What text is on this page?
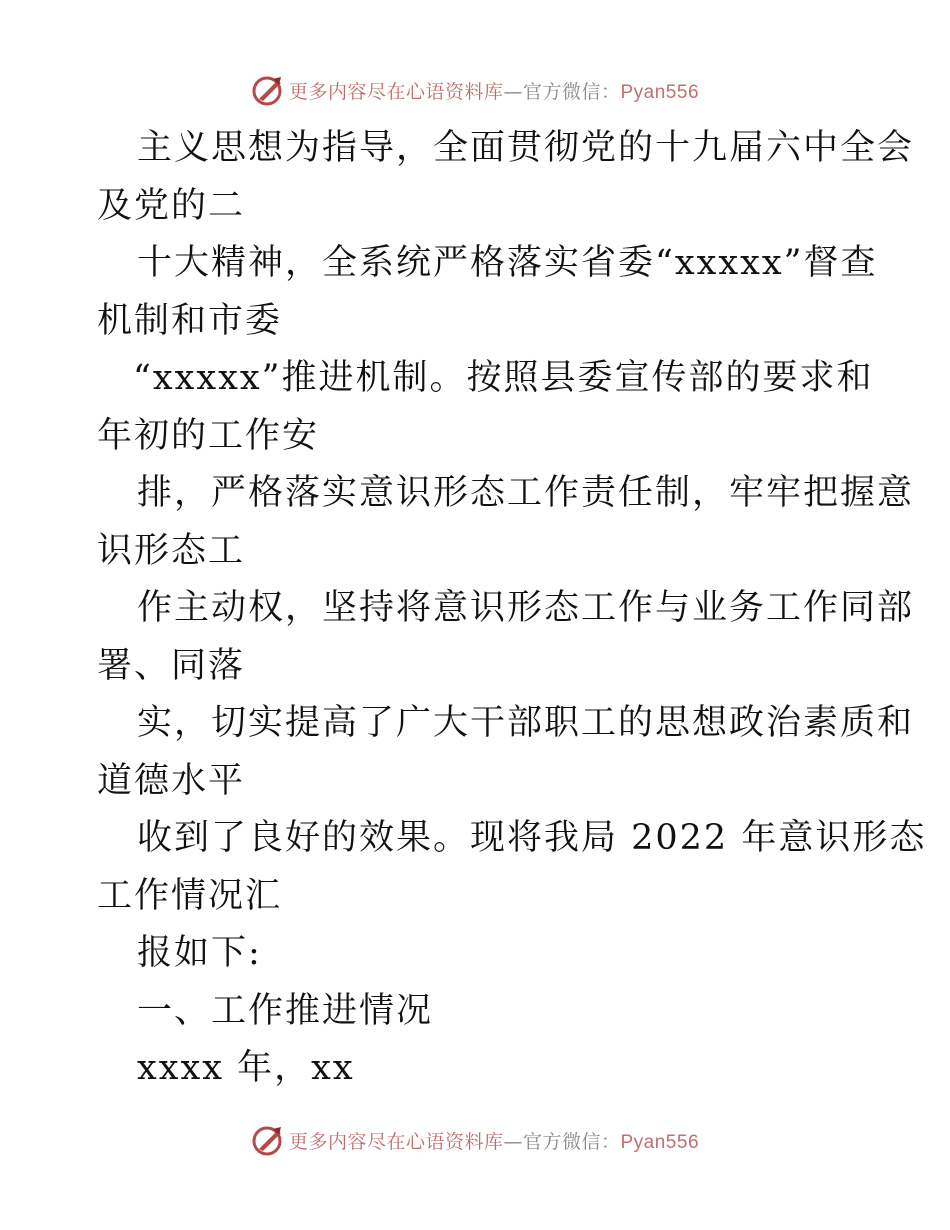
更多内容尽在心语资料库—官方微信：Pyan556
主义思想为指导，全面贯彻党的十九届六中全会
及党的二
十大精神，全系统严格落实省委“xxxxx”督查
机制和市委
“xxxxx”推进机制。按照县委宣传部的要求和
年初的工作安
排，严格落实意识形态工作责任制，牢牢把握意
识形态工
作主动权，坚持将意识形态工作与业务工作同部
署、同落
实，切实提高了广大干部职工的思想政治素质和
道德水平
收到了良好的效果。现将我局 2022 年意识形态
工作情况汇
报如下:
一、工作推进情况
xxxx 年，xx
更多内容尽在心语资料库—官方微信：Pyan556
